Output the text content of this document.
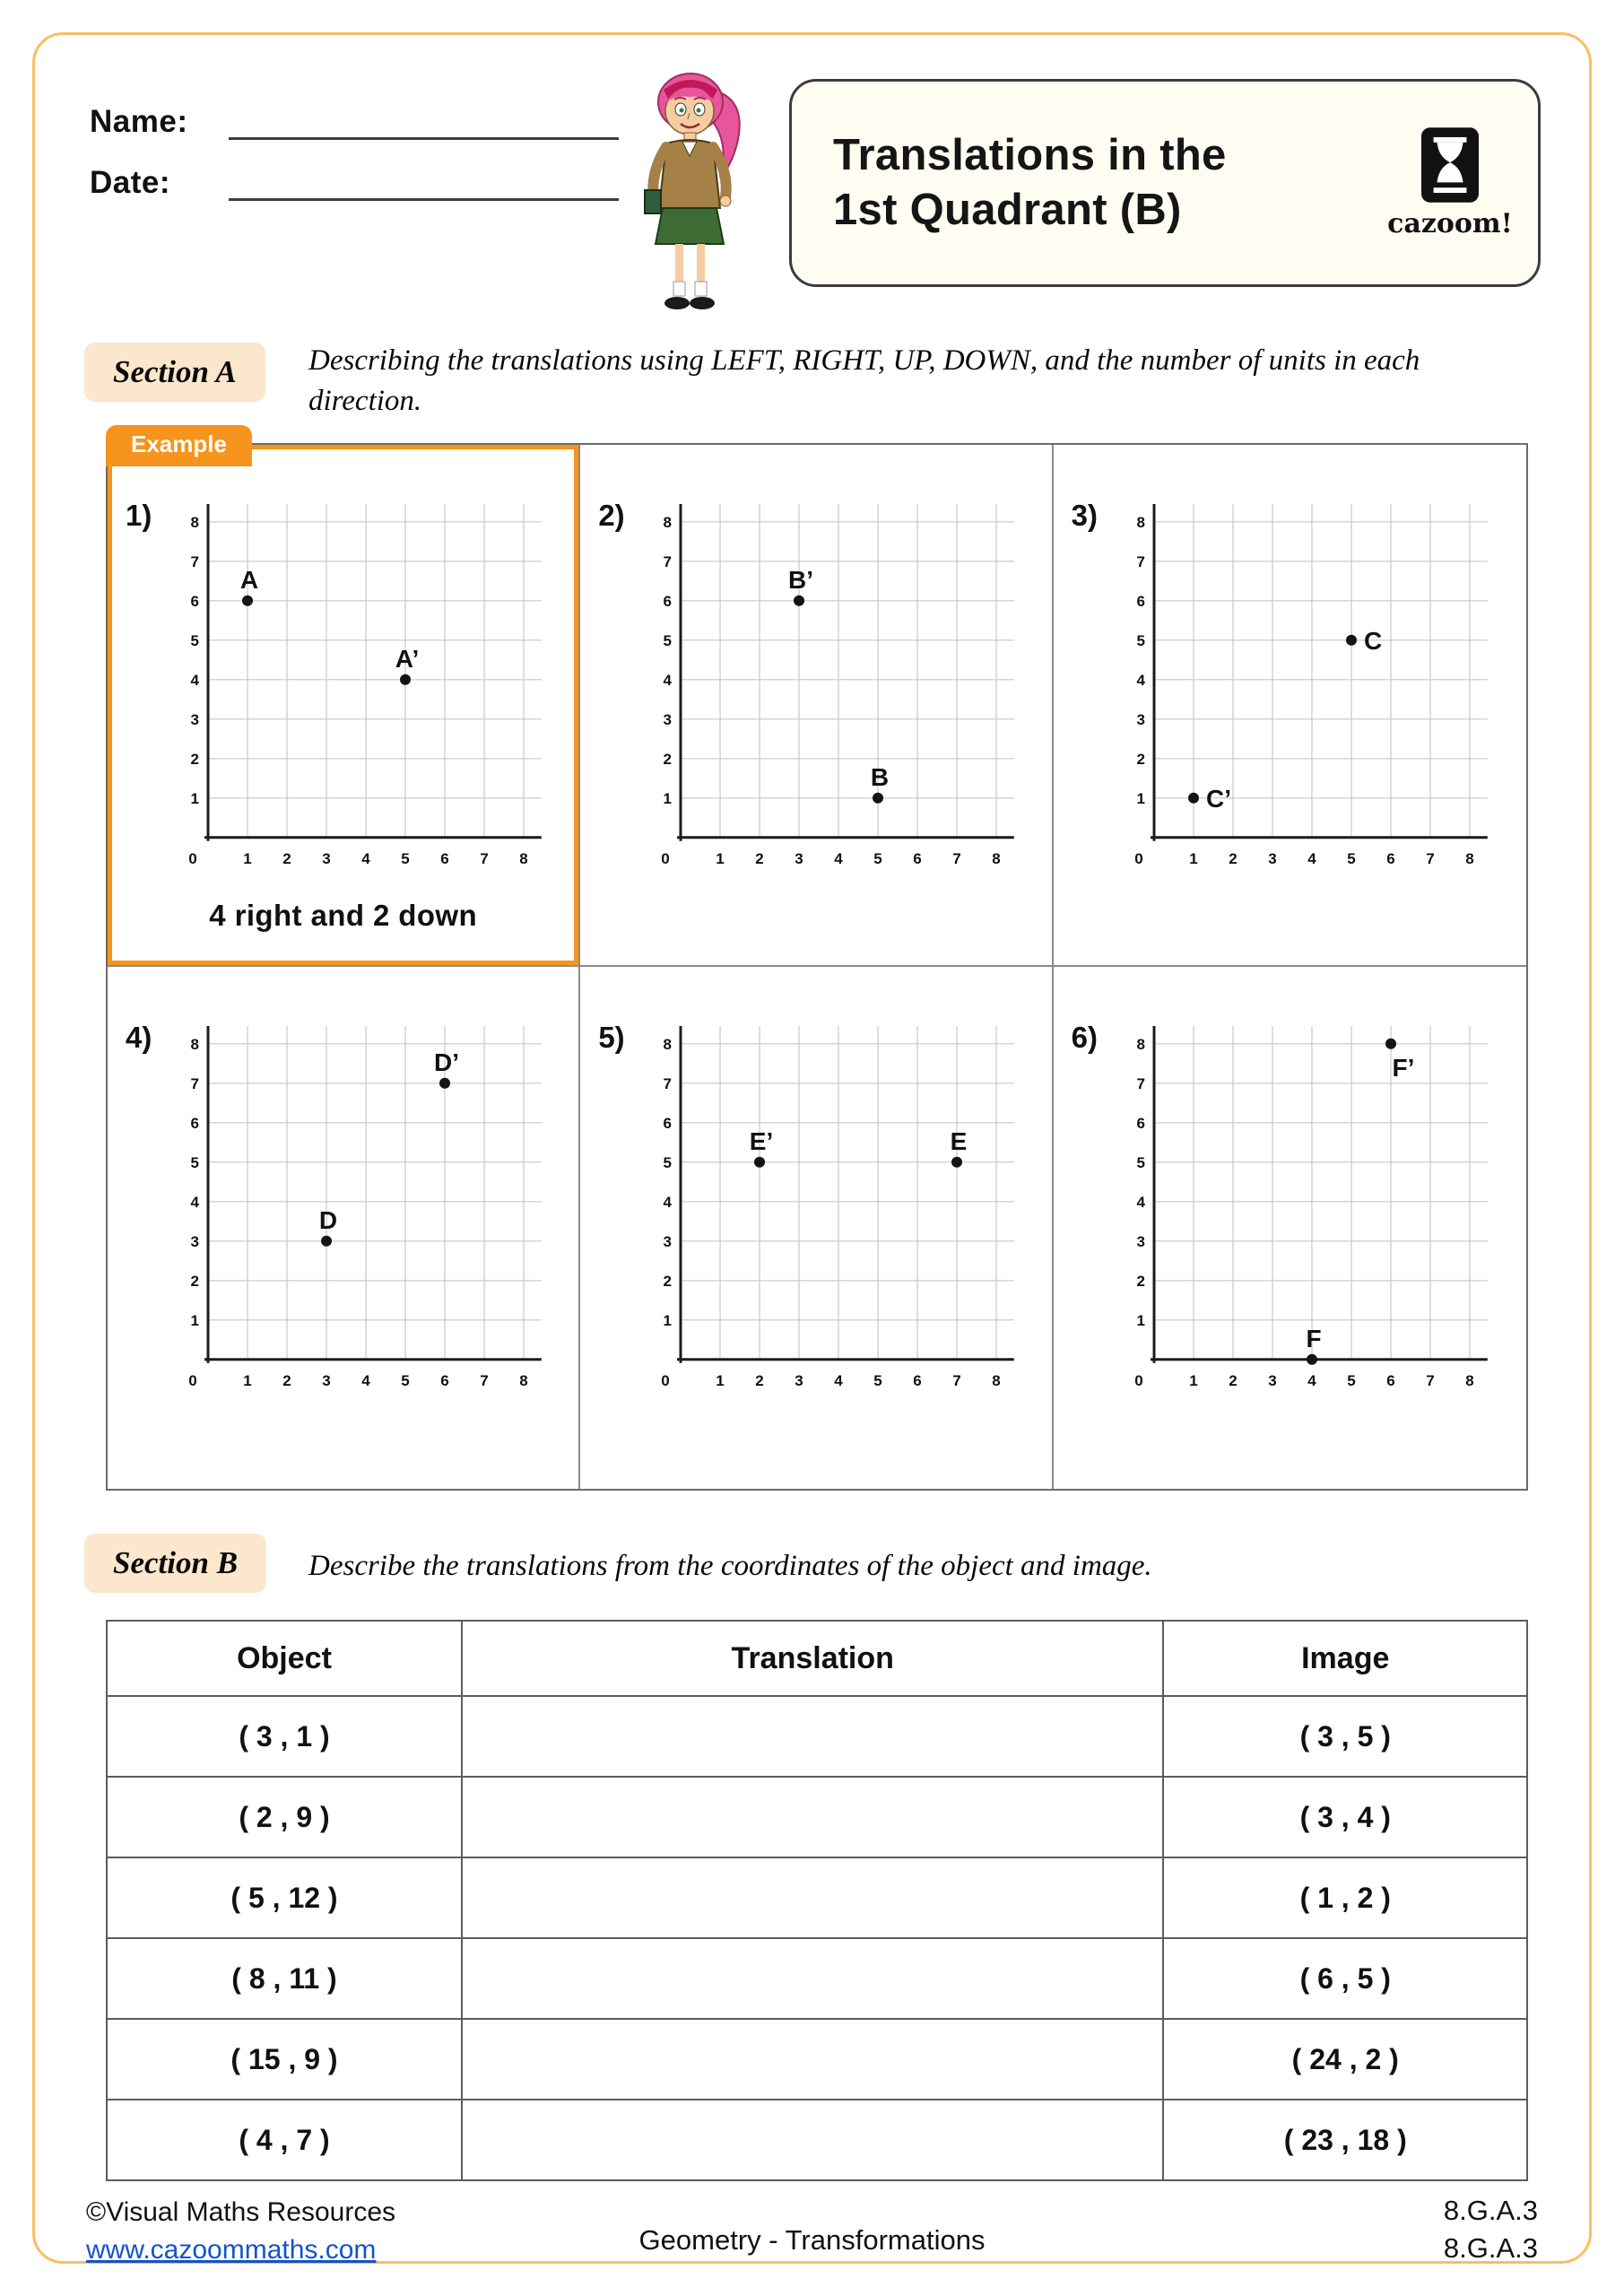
Name:
Date:
Translations in the
1st Quadrant (B)	cazoom!
Section A	Describing the translations using LEFT, RIGHT, UP, DOWN, and the number of units in each direction.
Example
1)
0	1 2 3 4 5 6 7 8
1
2
3
4
5
6
7
8
A
A’
4 right and 2 down
2)
0	1 2 3 4 5 6 7 8
1
2
3
4
5
6
7
8
B’
B
3)
0	1 2 3 4 5 6 7 8
1
2
3
4
5
6
7
8
C
C’
4)
0	1 2 3 4 5 6 7 8
1
2
3
4
5
6
7
8
D’
D
5)
0	1 2 3 4 5 6 7 8
1
2
3
4
5
6
7
8
E’	E
6)
0	1 2 3 4 5 6 7 8
1
2
3
4
5
6
7
8
F’
F
Section B	Describe the translations from the coordinates of the object and image.
Object	Translation	Image
( 3 , 1 )		( 3 , 5 )
( 2 , 9 )		( 3 , 4 )
( 5 , 12 )		( 1 , 2 )
( 8 , 11 )		( 6 , 5 )
( 15 , 9 )		( 24 , 2 )
( 4 , 7 )		( 23 , 18 )
©Visual Maths Resources
www.cazoommaths.com	Geometry - Transformations
8.G.A.3
8.G.A.3
